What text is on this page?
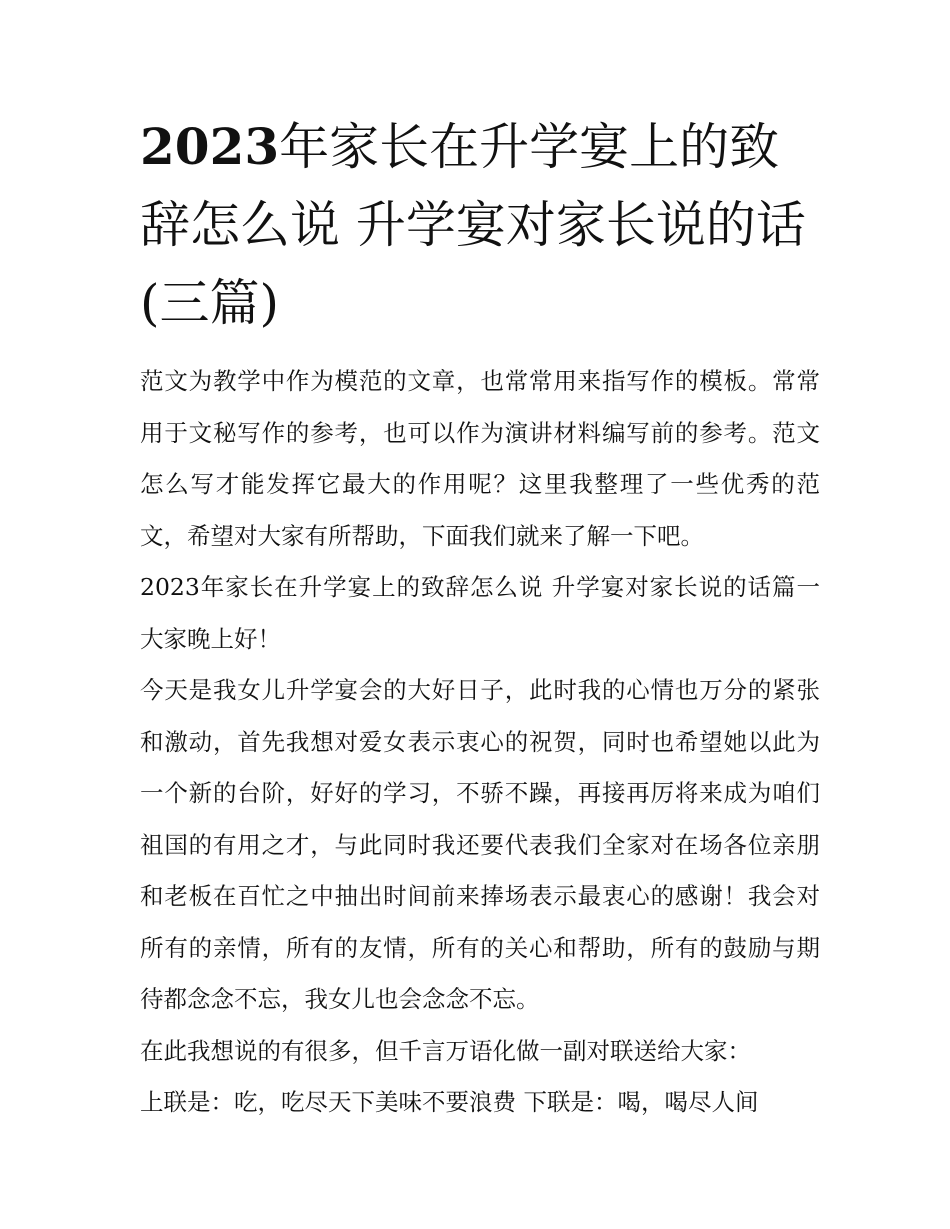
2023年家长在升学宴上的致辞怎么说 升学宴对家长说的话(三篇)

范文为教学中作为模范的文章，也常常用来指写作的模板。常常用于文秘写作的参考，也可以作为演讲材料编写前的参考。范文怎么写才能发挥它最大的作用呢？这里我整理了一些优秀的范文，希望对大家有所帮助，下面我们就来了解一下吧。

2023年家长在升学宴上的致辞怎么说 升学宴对家长说的话篇一 大家晚上好！

今天是我女儿升学宴会的大好日子，此时我的心情也万分的紧张和激动，首先我想对爱女表示衷心的祝贺，同时也希望她以此为一个新的台阶，好好的学习，不骄不躁，再接再厉将来成为咱们祖国的有用之才，与此同时我还要代表我们全家对在场各位亲朋和老板在百忙之中抽出时间前来捧场表示最衷心的感谢！我会对所有的亲情，所有的友情，所有的关心和帮助，所有的鼓励与期待都念念不忘，我女儿也会念念不忘。

在此我想说的有很多，但千言万语化做一副对联送给大家：

上联是：吃，吃尽天下美味不要浪费 下联是：喝，喝尽人间
